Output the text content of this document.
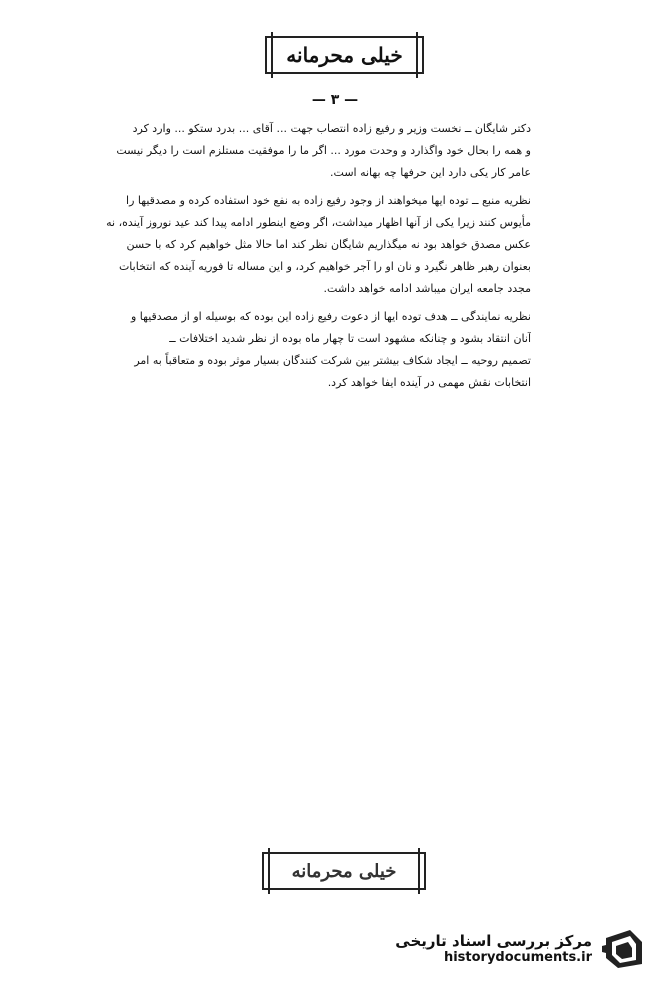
خیلی محرمانه
— ۳ —
دکتر شایگان ــ نخست وزیر و رفیع زاده انتصاب جهت ... آقای ... بدرد ستکو ... وارد کرد
و همه را بحال خود واگذارد و وحدت مورد ... اگر ما را موفقیت مستلزم است را دیگر نیست
عامر کار یکی دارد این حرفها چه بهانه است.
نظریه منبع ــ توده ایها میخواهند از وجود رفیع زاده به نفع خود استفاده کرده و مصدقیها را
مأیوس کنند زیرا یکی از آنها اظهار میداشت، اگر وضع اینطور ادامه پیدا کند عید نوروز آینده، نه
عکس مصدق خواهد بود نه میگذاریم شایگان نظر کند اما حالا مثل خواهیم کرد که با حسن
بعنوان رهبر ظاهر نگیرد و نان او را آجر خواهیم کرد، و این مساله تا فوریه آینده که انتخابات
مجدد جامعه ایران میباشد ادامه خواهد داشت.
نظریه نمایندگی ــ هدف توده ایها از دعوت رفیع زاده این بوده که بوسیله او از مصدقیها و
آنان انتقاد بشود و چنانکه مشهود است تا چهار ماه بوده از نظر شدید اختلافات ــ
تصمیم روحیه ــ ایجاد شکاف بیشتر بین شرکت کنندگان بسیار موثر بوده و متعاقباً به امر
انتخابات نقش مهمی در آینده ایفا خواهد کرد.
خیلی محرمانه
مرکز بررسی اسناد تاریخی
historydocuments.ir
